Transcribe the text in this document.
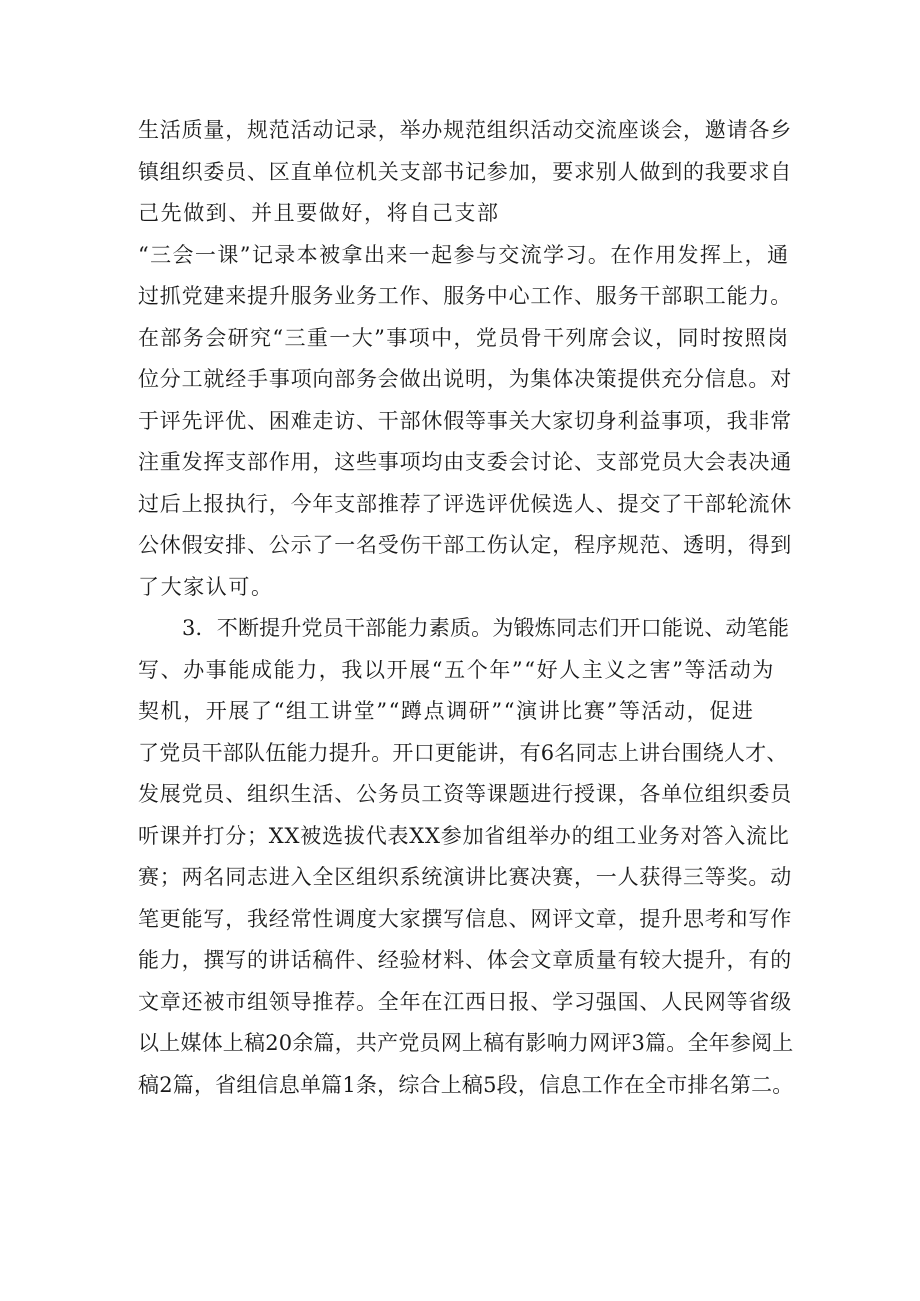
生活质量，规范活动记录，举办规范组织活动交流座谈会，邀请各乡
镇组织委员、区直单位机关支部书记参加，要求别人做到的我要求自
己先做到、并且要做好，将自己支部
“三会一课”记录本被拿出来一起参与交流学习。在作用发挥上，通
过抓党建来提升服务业务工作、服务中心工作、服务干部职工能力。
在部务会研究“三重一大”事项中，党员骨干列席会议，同时按照岗
位分工就经手事项向部务会做出说明，为集体决策提供充分信息。对
于评先评优、困难走访、干部休假等事关大家切身利益事项，我非常
注重发挥支部作用，这些事项均由支委会讨论、支部党员大会表决通
过后上报执行，今年支部推荐了评选评优候选人、提交了干部轮流休
公休假安排、公示了一名受伤干部工伤认定，程序规范、透明，得到
了大家认可。
3．不断提升党员干部能力素质。为锻炼同志们开口能说、动笔能
写、办事能成能力，我以开展“五个年”“好人主义之害”等活动为
契机，开展了“组工讲堂”“蹲点调研”“演讲比赛”等活动，促进
了党员干部队伍能力提升。开口更能讲，有6名同志上讲台围绕人才、
发展党员、组织生活、公务员工资等课题进行授课，各单位组织委员
听课并打分；XX被选拔代表XX参加省组举办的组工业务对答入流比
赛；两名同志进入全区组织系统演讲比赛决赛，一人获得三等奖。动
笔更能写，我经常性调度大家撰写信息、网评文章，提升思考和写作
能力，撰写的讲话稿件、经验材料、体会文章质量有较大提升，有的
文章还被市组领导推荐。全年在江西日报、学习强国、人民网等省级
以上媒体上稿20余篇，共产党员网上稿有影响力网评3篇。全年参阅上
稿2篇，省组信息单篇1条，综合上稿5段，信息工作在全市排名第二。
